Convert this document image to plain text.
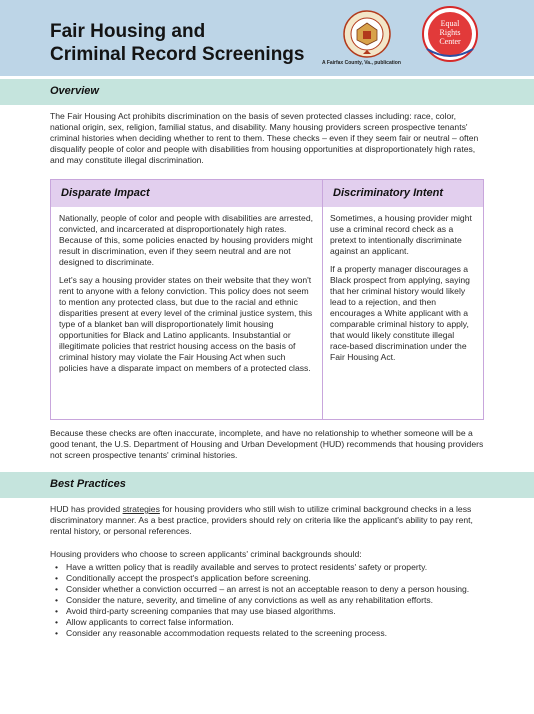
Fair Housing and
Criminal Record Screenings
Equal
Rights
Center
A Fairfax County, Va., publication
Overview
The Fair Housing Act prohibits discrimination on the basis of seven protected classes including: race, color, national origin, sex, religion, familial status, and disability. Many housing providers screen prospective tenants' criminal histories when deciding whether to rent to them. These checks – even if they seem fair or neutral – often disqualify people of color and people with disabilities from housing opportunities at disproportionately high rates, and may constitute illegal discrimination.
Disparate Impact	Discriminatory Intent

Nationally, people of color and people with disabilities are arrested, convicted, and incarcerated at disproportionately high rates. Because of this, some policies enacted by housing providers might result in discrimination, even if they seem neutral and are not designed to discriminate.

Let's say a housing provider states on their website that they won't rent to anyone with a felony conviction. This policy does not seem to mention any protected class, but due to the racial and ethnic disparities present at every level of the criminal justice system, this type of a blanket ban will disproportionately limit housing opportunities for Black and Latino applicants. Insubstantial or illegitimate policies that restrict housing access on the basis of criminal history may violate the Fair Housing Act when such policies have a disparate impact on members of a protected class.

Sometimes, a housing provider might use a criminal record check as a pretext to intentionally discriminate against an applicant.

If a property manager discourages a Black prospect from applying, saying that her criminal history would likely lead to a rejection, and then encourages a White applicant with a comparable criminal history to apply, that would likely constitute illegal race-based discrimination under the Fair Housing Act.

Because these checks are often inaccurate, incomplete, and have no relationship to whether someone will be a good tenant, the U.S. Department of Housing and Urban Development (HUD) recommends that housing providers not screen prospective tenants' criminal histories.
Best Practices
HUD has provided strategies for housing providers who still wish to utilize criminal background checks in a less discriminatory manner. As a best practice, providers should rely on criteria like the applicant's ability to pay rent, rental history, or personal references.
Housing providers who choose to screen applicants' criminal backgrounds should:
• Have a written policy that is readily available and serves to protect residents' safety or property.
• Conditionally accept the prospect's application before screening.
• Consider whether a conviction occurred – an arrest is not an acceptable reason to deny a person housing.
• Consider the nature, severity, and timeline of any convictions as well as any rehabilitation efforts.
• Avoid third-party screening companies that may use biased algorithms.
• Allow applicants to correct false information.
• Consider any reasonable accommodation requests related to the screening process.
